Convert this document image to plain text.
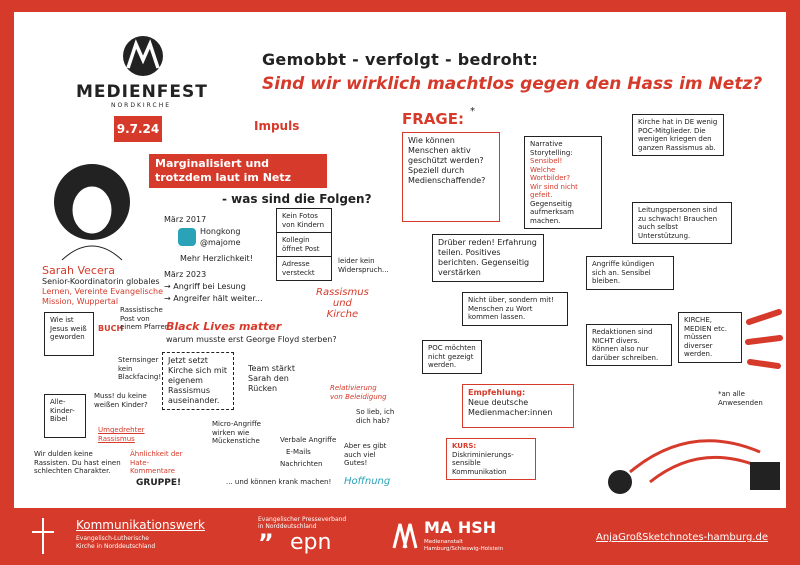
MEDIENFEST
NORDKIRCHE
9.7.24
Gemobbt - verfolgt - bedroht:
Sind wir wirklich machtlos gegen den Hass im Netz?
Impuls
Marginalisiert und
trotzdem laut im Netz
- was sind die Folgen?
Sarah Vecera
Senior-Koordinatorin globales
Lernen, Vereinte Evangelische
Mission, Wuppertal
März 2017
Hongkong
@majome
Mehr Herzlichkeit!
März 2023
→ Angriff bei Lesung
→ Angreifer hält weiter...
Kein Fotos von Kindern
Kollegin öffnet Post
Adresse versteckt
leider kein Widerspruch...
Rassismus
und
Kirche
Black Lives matter
warum musste erst George Floyd sterben?
Wie ist Jesus weiß geworden
BUCH
Rassistische Post von einem Pfarrer
Sternsinger kein Blackfacing!
Alle-Kinder-Bibel
Muss! du keine weißen Kinder?
Umgedrehter Rassismus
Wir dulden keine Rassisten. Du hast einen schlechten Charakter.
Ähnlichkeit der Hate-Kommentare
GRUPPE!
Jetzt setzt Kirche sich mit eigenem Rassismus auseinander.
Team stärkt Sarah den Rücken	Relativierung von Beleidigung
So lieb, ich dich hab?
Micro-Angriffe wirken wie Mückenstiche	Verbale Angriffe
E-Mails
Nachrichten
... und können krank machen!
Aber es gibt auch viel Gutes!
Hoffnung
FRAGE: *
Wie können Menschen aktiv geschützt werden? Speziell durch Medienschaffende?
Narrative Storytelling:
Sensibel!
Welche Wortbilder?
Wir sind nicht gefeit.
Gegenseitig aufmerksam machen.
Kirche hat in DE wenig POC-Mitglieder. Die wenigen kriegen den ganzen Rassismus ab.
Leitungspersonen sind zu schwach! Brauchen auch selbst Unterstützung.
Drüber reden! Erfahrung teilen. Positives berichten. Gegenseitig verstärken
Angriffe kündigen sich an. Sensibel bleiben.
Nicht über, sondern mit! Menschen zu Wort kommen lassen.
POC möchten nicht gezeigt werden.
Redaktionen sind NICHT divers. Können also nur darüber schreiben.
KIRCHE, MEDIEN etc. müssen diverser werden.
Empfehlung:
Neue deutsche Medienmacher:innen
KURS:
Diskriminierungs-sensible Kommunikation
*an alle Anwesenden
Kommunikationswerk
Evangelisch-Lutherische
Kirche in Norddeutschland
Evangelischer Presseverband
in Norddeutschland
” epn
MA HSH
Medienanstalt
Hamburg/Schleswig-Holstein
AnjaGroßSketchnotes-hamburg.de
